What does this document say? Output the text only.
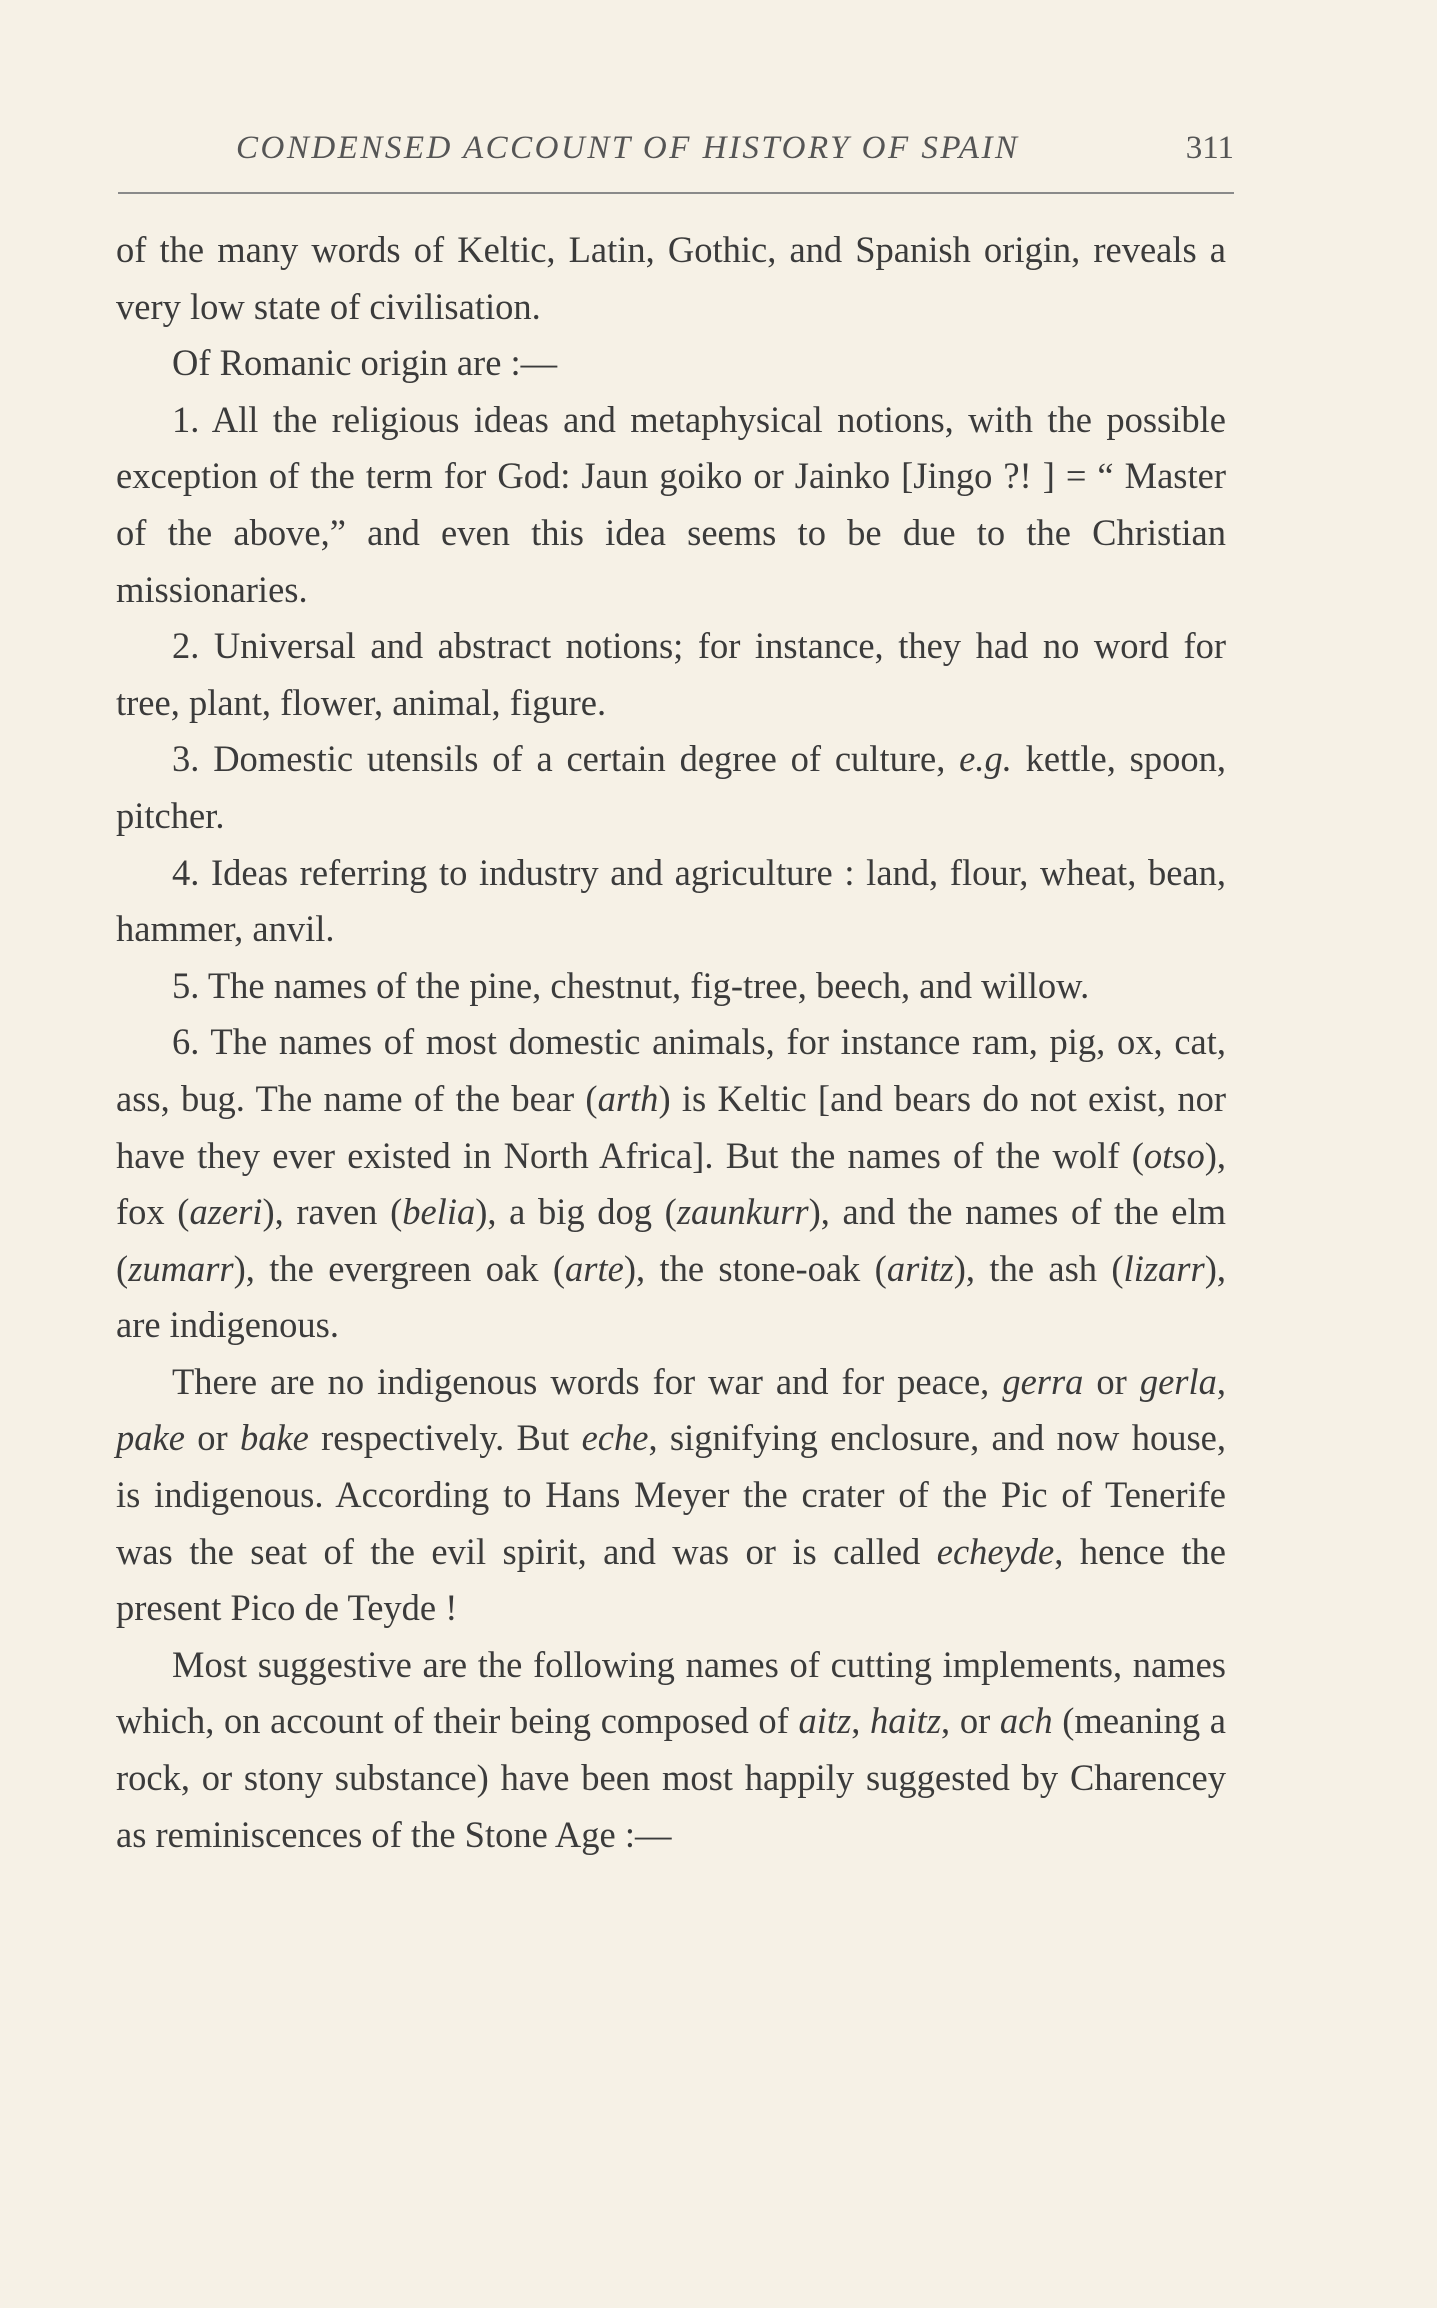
CONDENSED ACCOUNT OF HISTORY OF SPAIN	311

of the many words of Keltic, Latin, Gothic, and Spanish origin, reveals a very low state of civilisation.

Of Romanic origin are :—

1. All the religious ideas and metaphysical notions, with the possible exception of the term for God: Jaun goiko or Jainko [Jingo ?! ] = “ Master of the above,” and even this idea seems to be due to the Christian missionaries.

2. Universal and abstract notions; for instance, they had no word for tree, plant, flower, animal, figure.

3. Domestic utensils of a certain degree of culture, e.g. kettle, spoon, pitcher.

4. Ideas referring to industry and agriculture : land, flour, wheat, bean, hammer, anvil.

5. The names of the pine, chestnut, fig-tree, beech, and willow.

6. The names of most domestic animals, for instance ram, pig, ox, cat, ass, bug. The name of the bear (arth) is Keltic [and bears do not exist, nor have they ever existed in North Africa]. But the names of the wolf (otso), fox (azeri), raven (belia), a big dog (zaunkurr), and the names of the elm (zumarr), the evergreen oak (arte), the stone-oak (aritz), the ash (lizarr), are indigenous.

There are no indigenous words for war and for peace, gerra or gerla, pake or bake respectively. But eche, signifying enclosure, and now house, is indigenous. According to Hans Meyer the crater of the Pic of Tenerife was the seat of the evil spirit, and was or is called echeyde, hence the present Pico de Teyde !

Most suggestive are the following names of cutting implements, names which, on account of their being composed of aitz, haitz, or ach (meaning a rock, or stony substance) have been most happily suggested by Charencey as reminiscences of the Stone Age :—
